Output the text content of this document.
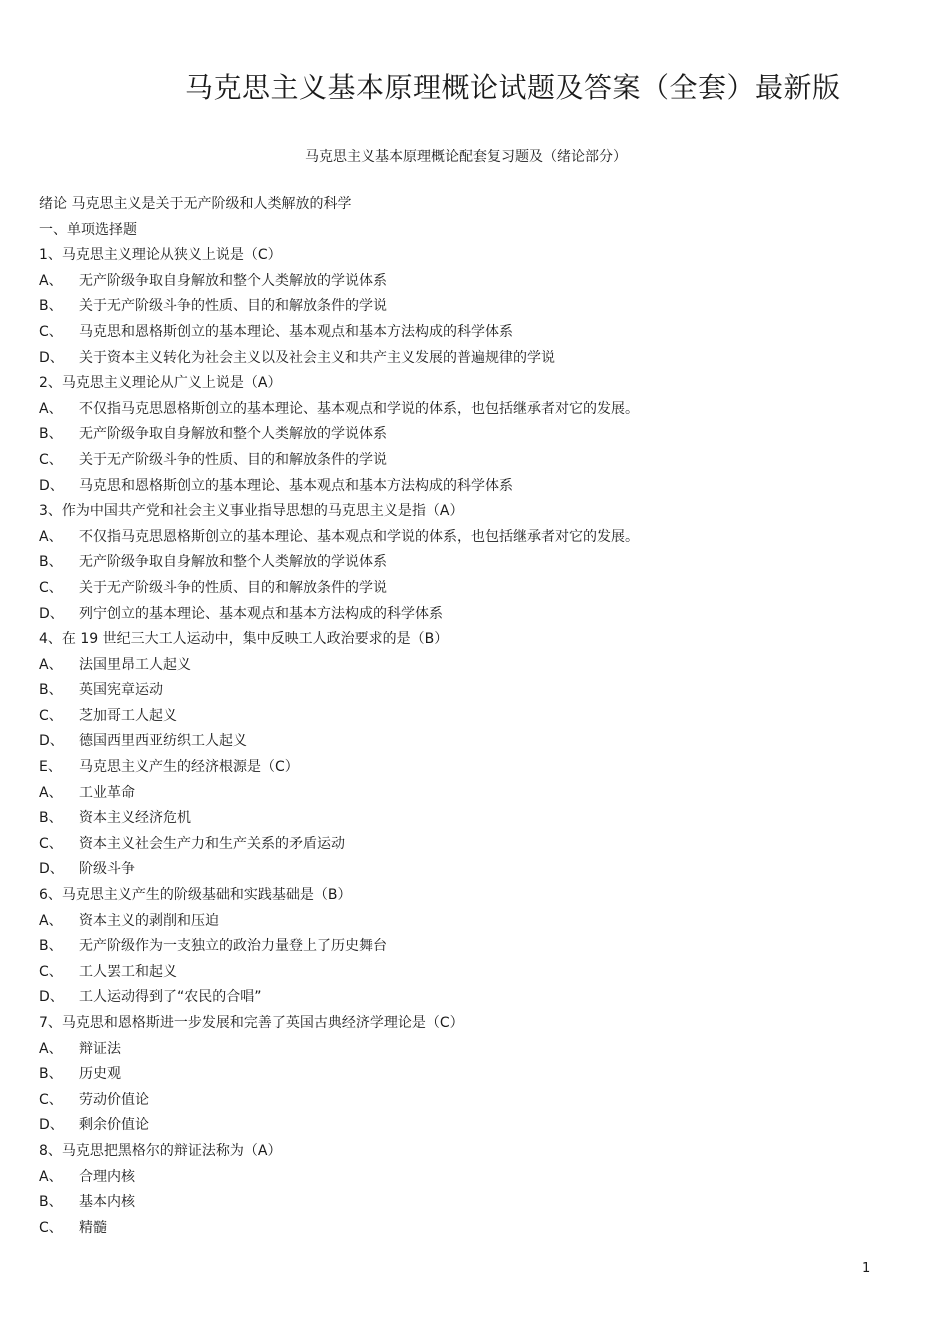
马克思主义基本原理概论试题及答案（全套）最新版
马克思主义基本原理概论配套复习题及（绪论部分）
绪论 马克思主义是关于无产阶级和人类解放的科学
一、单项选择题
1、马克思主义理论从狭义上说是（C）
A、 无产阶级争取自身解放和整个人类解放的学说体系
B、 关于无产阶级斗争的性质、目的和解放条件的学说
C、 马克思和恩格斯创立的基本理论、基本观点和基本方法构成的科学体系
D、 关于资本主义转化为社会主义以及社会主义和共产主义发展的普遍规律的学说
2、马克思主义理论从广义上说是（A）
A、 不仅指马克思恩格斯创立的基本理论、基本观点和学说的体系，也包括继承者对它的发展。
B、 无产阶级争取自身解放和整个人类解放的学说体系
C、 关于无产阶级斗争的性质、目的和解放条件的学说
D、 马克思和恩格斯创立的基本理论、基本观点和基本方法构成的科学体系
3、作为中国共产党和社会主义事业指导思想的马克思主义是指（A）
A、 不仅指马克思恩格斯创立的基本理论、基本观点和学说的体系，也包括继承者对它的发展。
B、 无产阶级争取自身解放和整个人类解放的学说体系
C、 关于无产阶级斗争的性质、目的和解放条件的学说
D、 列宁创立的基本理论、基本观点和基本方法构成的科学体系
4、在 19 世纪三大工人运动中，集中反映工人政治要求的是（B）
A、 法国里昂工人起义
B、 英国宪章运动
C、 芝加哥工人起义
D、 德国西里西亚纺织工人起义
E、 马克思主义产生的经济根源是（C）
A、 工业革命
B、 资本主义经济危机
C、 资本主义社会生产力和生产关系的矛盾运动
D、 阶级斗争
6、马克思主义产生的阶级基础和实践基础是（B）
A、 资本主义的剥削和压迫
B、 无产阶级作为一支独立的政治力量登上了历史舞台
C、 工人罢工和起义
D、 工人运动得到了“农民的合唱”
7、马克思和恩格斯进一步发展和完善了英国古典经济学理论是（C）
A、 辩证法
B、 历史观
C、 劳动价值论
D、 剩余价值论
8、马克思把黑格尔的辩证法称为（A）
A、 合理内核
B、 基本内核
C、 精髓
1
